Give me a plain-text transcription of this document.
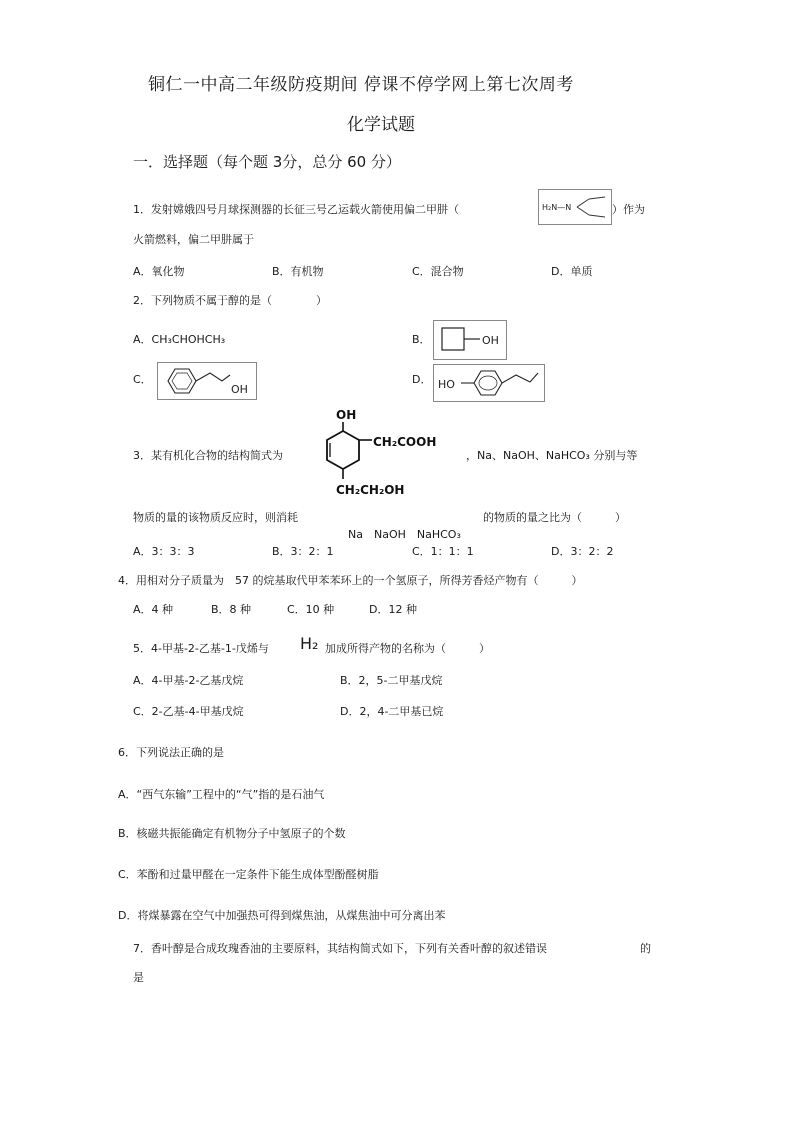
铜仁一中高二年级防疫期间 停课不停学网上第七次周考
化学试题
一．选择题（每个题 3分，总分 60 分）
1．发射嫦娥四号月球探测器的长征三号乙运载火箭使用偏二甲肼（	H₂N—N	）作为
火箭燃料，偏二甲肼属于
A．氧化物	B．有机物	C．混合物	D．单质
2．下列物质不属于醇的是（　　　　）
A．CH₃CHOHCH₃	B．	OH
C．
OH
D． HO
3．某有机化合物的结构简式为
OH
CH₂COOH
CH₂CH₂OH
，Na、NaOH、NaHCO₃ 分别与等
物质的量的该物质反应时，则消耗	的物质的量之比为（　　　）
Na　NaOH　NaHCO₃
A．3：3：3	B．3：2：1	C．1：1：1	D．3：2：2
4．用相对分子质量为　57 的烷基取代甲苯苯环上的一个氢原子，所得芳香烃产物有（　　　）
A．4 种	B．8 种	C．10 种	D．12 种
5．4-甲基-2-乙基-1-戊烯与 H₂ 加成所得产物的名称为（　　　）
A．4-甲基-2-乙基戊烷	B．2，5-二甲基戊烷
C．2-乙基-4-甲基戊烷	D．2，4-二甲基已烷
6．下列说法正确的是
A．“西气东输”工程中的“气”指的是石油气
B．核磁共振能确定有机物分子中氢原子的个数
C．苯酚和过量甲醛在一定条件下能生成体型酚醛树脂
D．将煤暴露在空气中加强热可得到煤焦油，从煤焦油中可分离出苯
7．香叶醇是合成玫瑰香油的主要原料，其结构简式如下，下列有关香叶醇的叙述错误	的
是
